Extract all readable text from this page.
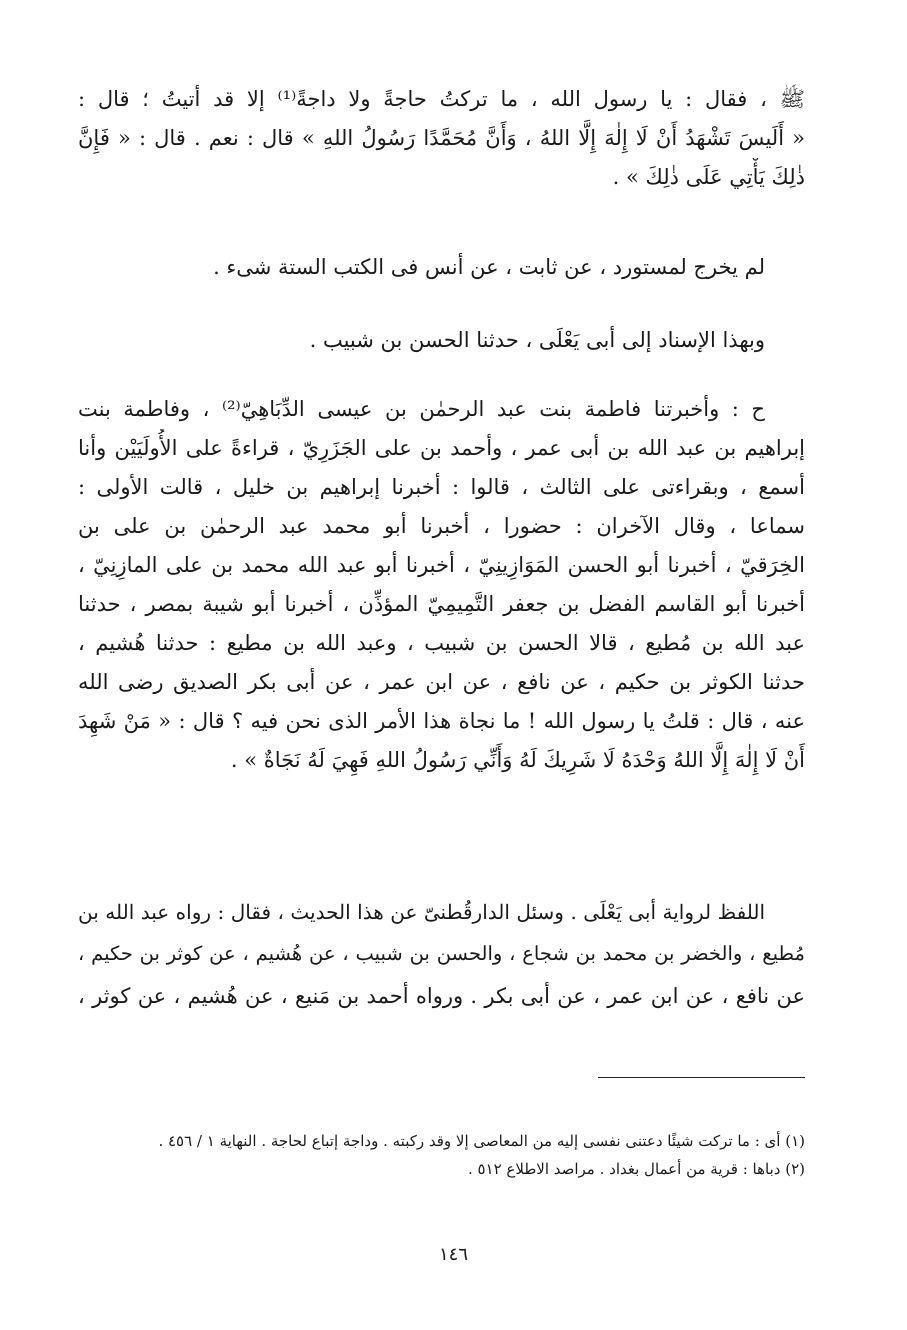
ﷺ ، فقال : يا رسول الله ، ما تركتُ حاجةً ولا داجةً⁽¹⁾ إلا قد أتيتُ ؛ قال :
« أَلَيسَ تَشْهَدُ أَنْ لَا إِلٰهَ إِلَّا اللهُ ، وَأَنَّ مُحَمَّدًا رَسُولُ اللهِ » قال : نعم . قال : « فَإِنَّ
ذٰلِكَ يَأْتِي عَلَى ذٰلِكَ » .
لم يخرج لمستورد ، عن ثابت ، عن أنس فى الكتب الستة شىء .
وبهذا الإسناد إلى أبى يَعْلَى ، حدثنا الحسن بن شبيب .
ح : وأخبرتنا فاطمة بنت عبد الرحمٰن بن عيسى الدِّبَاهِيّ⁽²⁾ ، وفاطمة بنت
إبراهيم بن عبد الله بن أبى عمر ، وأحمد بن على الجَزَرِيّ ، قراءةً على الأُولَيَيْن وأنا
أسمع ، وبقراءتى على الثالث ، قالوا : أخبرنا إبراهيم بن خليل ، قالت الأولى :
سماعا ، وقال الآخران : حضورا ، أخبرنا أبو محمد عبد الرحمٰن بن على بن
الخِرَقيّ ، أخبرنا أبو الحسن المَوَازِينِيّ ، أخبرنا أبو عبد الله محمد بن على المازِنِيّ ،
أخبرنا أبو القاسم الفضل بن جعفر التَّمِيمِيّ المؤذِّن ، أخبرنا أبو شيبة بمصر ، حدثنا
عبد الله بن مُطيع ، قالا الحسن بن شبيب ، وعبد الله بن مطيع : حدثنا هُشيم ،
حدثنا الكوثر بن حكيم ، عن نافع ، عن ابن عمر ، عن أبى بكر الصديق رضى الله
عنه ، قال : قلتُ يا رسول الله ! ما نجاة هذا الأمر الذى نحن فيه ؟ قال : « مَنْ شَهِدَ
أَنْ لَا إِلٰهَ إِلَّا اللهُ وَحْدَهُ لَا شَرِيكَ لَهُ وَأَنِّي رَسُولُ اللهِ فَهِيَ لَهُ نَجَاةٌ » .
اللفظ لرواية أبى يَعْلَى . وسئل الدارقُطنىّ عن هذا الحديث ، فقال : رواه عبد الله بن
مُطيع ، والخضر بن محمد بن شجاع ، والحسن بن شبيب ، عن هُشيم ، عن كوثر بن حكيم ،
عن نافع ، عن ابن عمر ، عن أبى بكر . ورواه أحمد بن مَنيع ، عن هُشيم ، عن كوثر ،
(١) أى : ما تركت شيئًا دعتنى نفسى إليه من المعاصى إلا وقد ركبته . وداجة إتباع لحاجة . النهاية ١ / ٤٥٦ .
(٢) دباها : قرية من أعمال بغداد . مراصد الاطلاع ٥١٢ .
١٤٦
